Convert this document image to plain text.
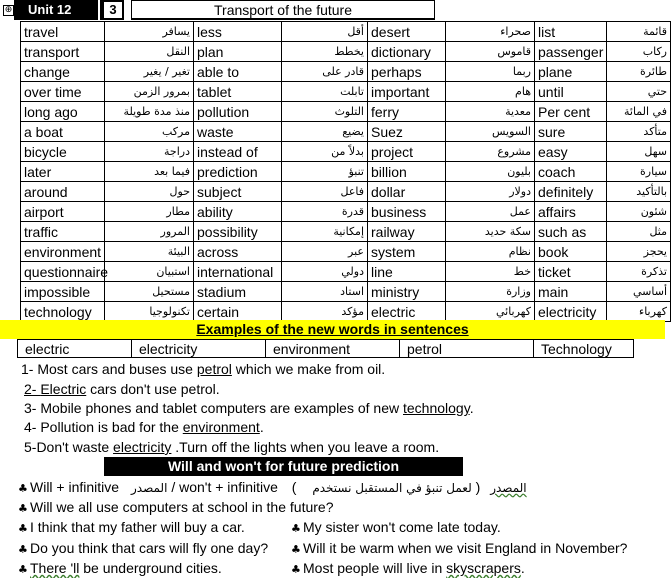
⊕	Unit 12	3	Transport of the future
travel	يسافر	less	أقل	desert	صحراء	list	قائمة
transport	النقل	plan	يخطط	dictionary	قاموس	passenger	ركاب
change	تغير / يغير	able to	قادر على	perhaps	ربما	plane	طائرة
over time	بمرور الزمن	tablet	تابلت	important	هام	until	حتي
long ago	منذ مدة طويلة	pollution	التلوث	ferry	معدية	Per cent	في المائة
a boat	مركب	waste	يضيع	Suez	السويس	sure	متأكد
bicycle	دراجة	instead of	بدلاً من	project	مشروع	easy	سهل
later	فيما بعد	prediction	تنبؤ	billion	بليون	coach	سيارة
around	حول	subject	فاعل	dollar	دولار	definitely	بالتأكيد
airport	مطار	ability	قدرة	business	عمل	affairs	شئون
traffic	المرور	possibility	إمكانية	railway	سكة حديد	such as	مثل
environment	البيئة	across	عبر	system	نظام	book	يحجز
questionnaire	استبيان	international	دولي	line	خط	ticket	تذكرة
impossible	مستحيل	stadium	استاد	ministry	وزارة	main	أساسي
technology	تكنولوجيا	certain	مؤكد	electric	كهربائي	electricity	كهرباء
Examples of the new words in sentences
electric	electricity	environment	petrol	Technology
1- Most cars and buses use petrol which we make from oil.
2- Electric cars don't use petrol.
3- Mobile phones and tablet computers are examples of new technology.
4- Pollution is bad for the environment.
5-Don't waste electricity .Turn off the lights when you leave a room.
Will and won't for future prediction
♣ Will + infinitive المصدر / won't + infinitive	المصدر ( لعمل تنبؤ في المستقبل نستخدم )
♣ Will we all use computers at school in the future?
♣ I think that my father will buy a car.	♣ My sister won't come late today.
♣ Do you think that cars will fly one day? ♣ Will it be warm when we visit England in November?
♣ There 'll be underground cities.	♣ Most people will live in skyscrapers.
